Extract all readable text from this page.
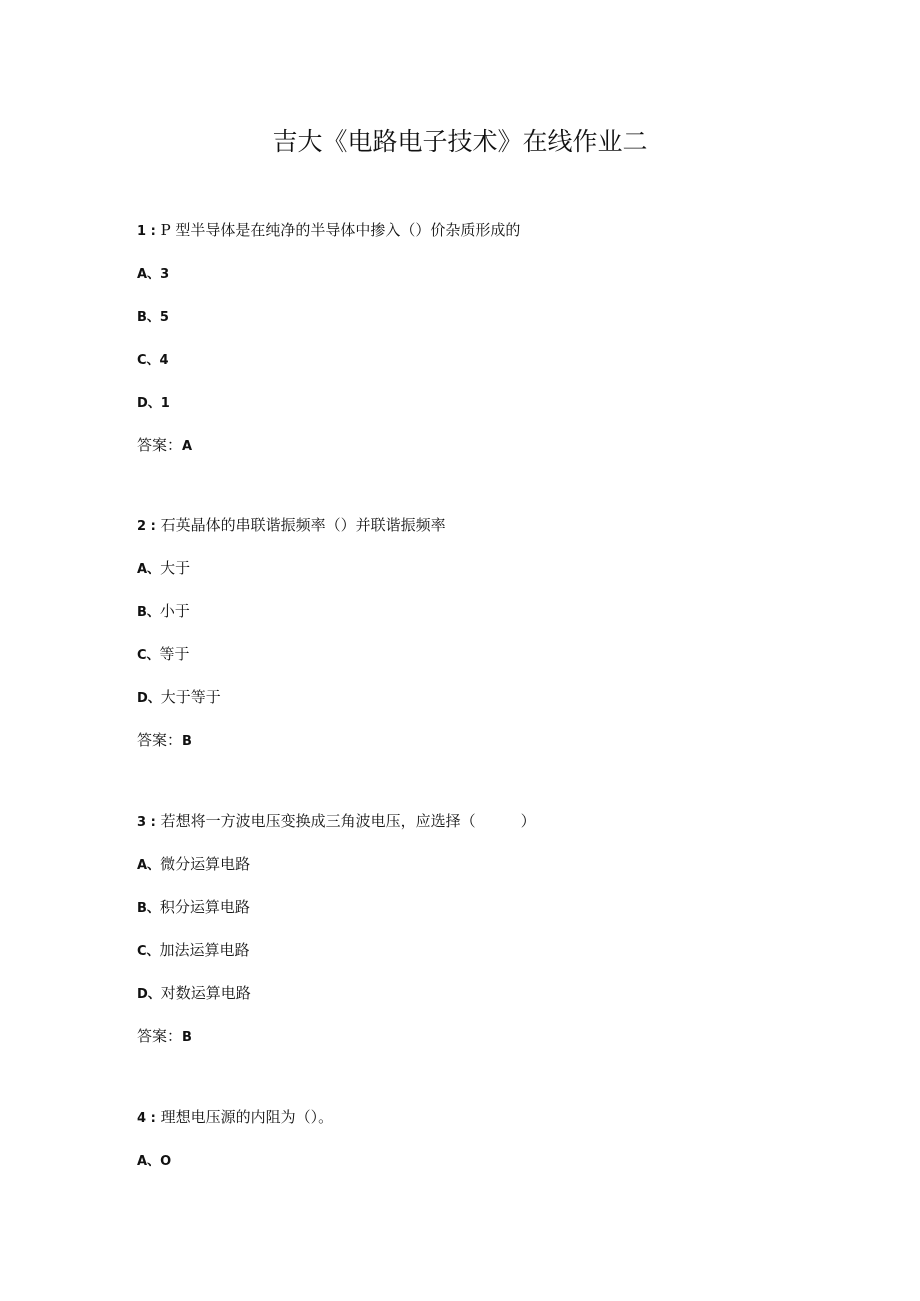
吉大《电路电子技术》在线作业二
1 : P 型半导体是在纯净的半导体中掺入（）价杂质形成的
A、3
B、5
C、4
D、1
答案：A
2 : 石英晶体的串联谐振频率（）并联谐振频率
A、大于
B、小于
C、等于
D、大于等于
答案：B
3 : 若想将一方波电压变换成三角波电压，应选择（　　　）
A、微分运算电路
B、积分运算电路
C、加法运算电路
D、对数运算电路
答案：B
4 : 理想电压源的内阻为（）。
A、O
